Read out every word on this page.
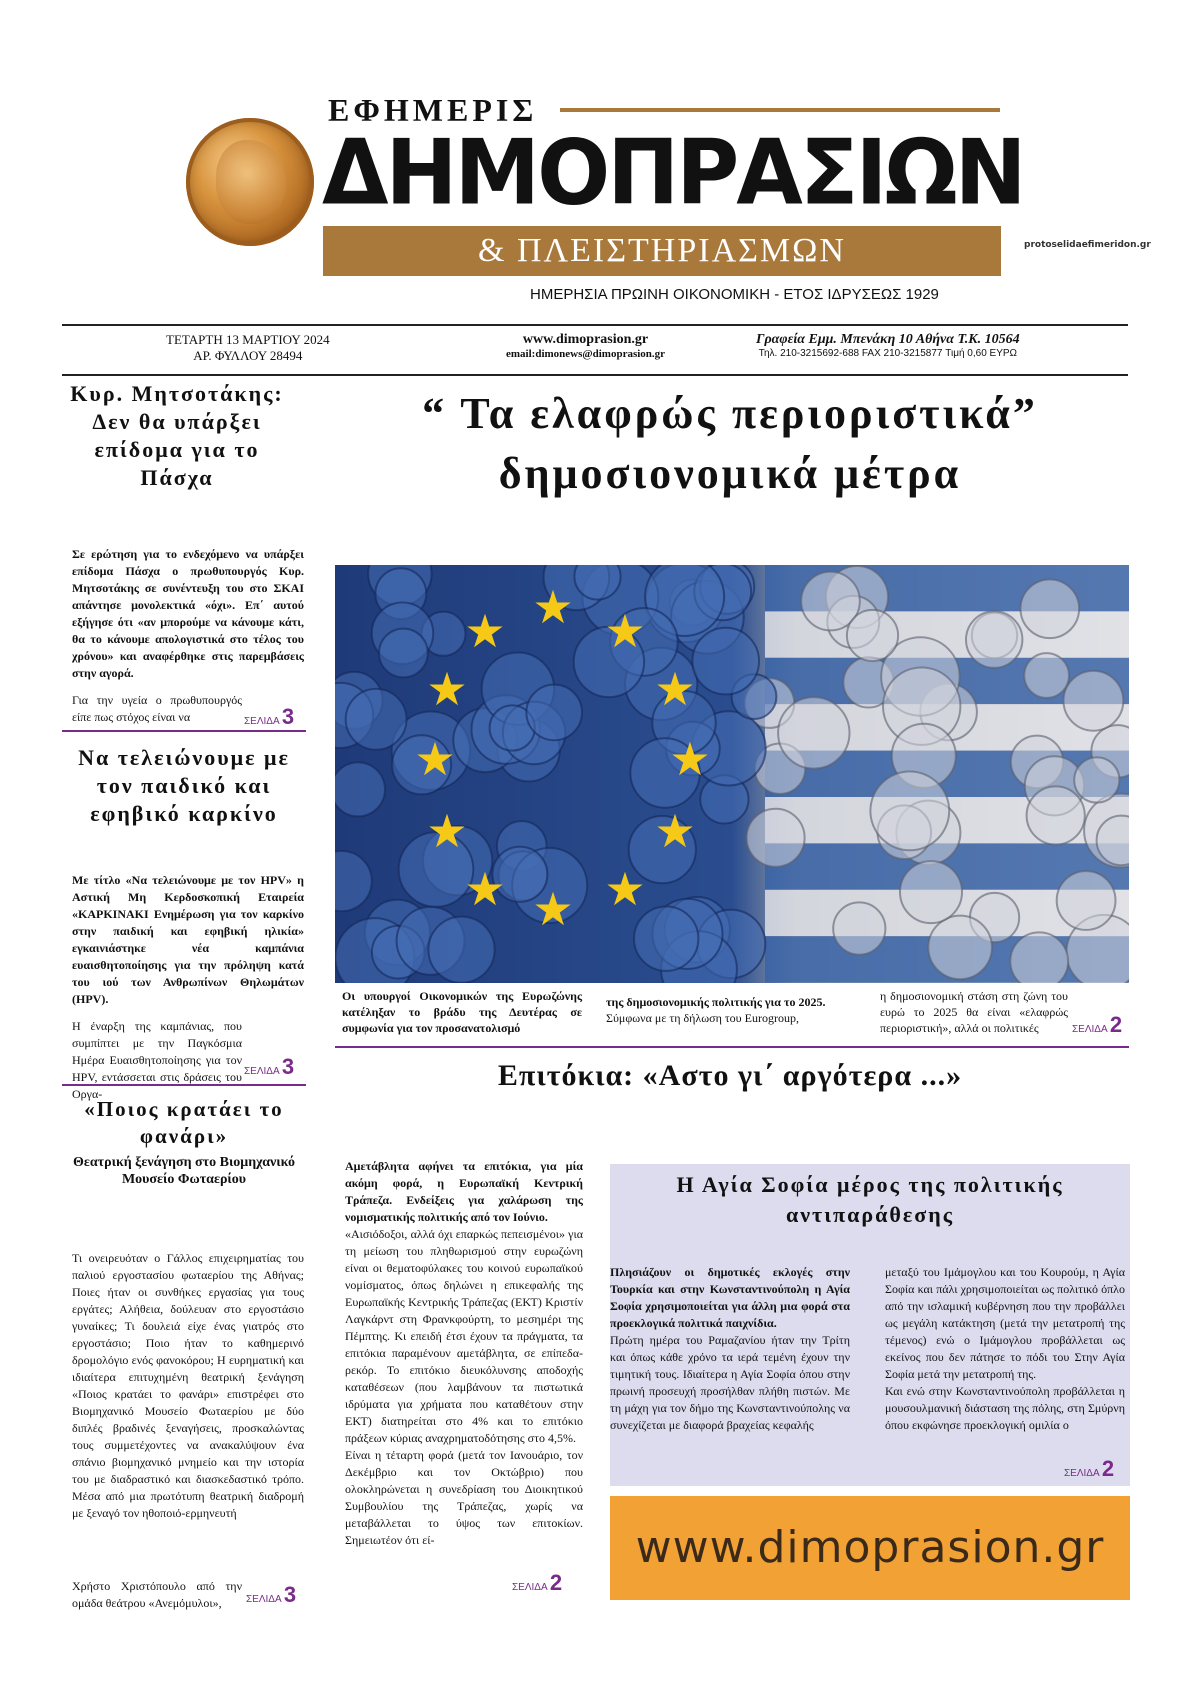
ΕΦΗΜΕΡΙΣ
ΔΗΜΟΠΡΑΣΙΩΝ
& ΠΛΕΙΣΤΗΡΙΑΣΜΩΝ
ΗΜΕΡΗΣΙΑ ΠΡΩΙΝΗ ΟΙΚΟΝΟΜΙΚΗ - ΕΤΟΣ ΙΔΡΥΣΕΩΣ 1929
protoselidaefimeridon.gr
ΤΕΤΑΡΤΗ 13 ΜΑΡΤΙΟΥ 2024
ΑΡ. ΦΥΛΛΟΥ 28494
www.dimoprasion.gr
email:dimonews@dimoprasion.gr
Γραφεία Εμμ. Μπενάκη 10 Αθήνα Τ.Κ. 10564
Τηλ. 210-3215692-688 FAX 210-3215877 Τιμή 0,60 ΕΥΡΩ
Κυρ. Μητσοτάκης: Δεν θα υπάρξει επίδομα για το Πάσχα
Σε ερώτηση για το ενδεχόμενο να υπάρξει επίδομα Πάσχα ο πρωθυπουργός Κυρ. Μητσοτάκης σε συνέντευξη του στο ΣΚΑΙ απάντησε μονολεκτικά «όχι». Επ΄ αυτού εξήγησε ότι «αν μπορούμε να κάνουμε κάτι, θα το κάνουμε απολογιστικά στο τέλος του χρόνου» και αναφέρθηκε στις παρεμβάσεις στην αγορά.
Για την υγεία ο πρωθυπουργός είπε πως στόχος είναι να	ΣΕΛΙΔΑ 3
Να τελειώνουμε με τον παιδικό και εφηβικό καρκίνο
Με τίτλο «Να τελειώνουμε με τον HPV» η Αστική Μη Κερδοσκοπική Εταιρεία «ΚΑΡΚΙΝΑΚΙ Ενημέρωση για τον καρκίνο στην παιδική και εφηβική ηλικία» εγκαινιάστηκε νέα καμπάνια ευαισθητοποίησης για την πρόληψη κατά του ιού των Ανθρωπίνων Θηλωμάτων (HPV).
Η έναρξη της καμπάνιας, που συμπίπτει με την Παγκόσμια Ημέρα Ευαισθητοποίησης για τον HPV, εντάσσεται στις δράσεις του Οργα-
ΣΕΛΙΔΑ 3
«Ποιος κρατάει το φανάρι»
Θεατρική ξενάγηση στο Βιομηχανικό Μουσείο Φωταερίου
Τι ονειρευόταν ο Γάλλος επιχειρηματίας του παλιού εργοστασίου φωταερίου της Αθήνας; Ποιες ήταν οι συνθήκες εργασίας για τους εργάτες; Αλήθεια, δούλευαν στο εργοστάσιο γυναίκες; Τι δουλειά είχε ένας γιατρός στο εργοστάσιο; Ποιο ήταν το καθημερινό δρομολόγιο ενός φανοκόρου; Η ευρηματική και ιδιαίτερα επιτυχημένη θεατρική ξενάγηση «Ποιος κρατάει το φανάρι» επιστρέφει στο Βιομηχανικό Μουσείο Φωταερίου με δύο διπλές βραδινές ξεναγήσεις, προσκαλώντας τους συμμετέχοντες να ανακαλύψουν ένα σπάνιο βιομηχανικό μνημείο και την ιστορία του με διαδραστικό και διασκεδαστικό τρόπο. Μέσα από μια πρωτότυπη θεατρική διαδρομή με ξεναγό τον ηθοποιό-ερμηνευτή
Χρήστο Χριστόπουλο από την ομάδα θεάτρου «Ανεμόμυλοι»,	ΣΕΛΙΔΑ 3
“ Τα ελαφρώς περιοριστικά” δημοσιονομικά μέτρα
★
★ ★
★	★
★	★
★	★
★ ★
★
Οι υπουργοί Οικονομικών της Ευρωζώνης κατέληξαν το βράδυ της Δευτέρας σε συμφωνία για τον προσανατολισμό
της δημοσιονομικής πολιτικής για το 2025.
Σύμφωνα με τη δήλωση του Eurogroup,
η δημοσιονομική στάση στη ζώνη του ευρώ το 2025 θα είναι «ελαφρώς περιοριστική», αλλά οι πολιτικές	ΣΕΛΙΔΑ 2
Επιτόκια: «Αστο γι΄ αργότερα ...»
Αμετάβλητα αφήνει τα επιτόκια, για μία ακόμη φορά, η Ευρωπαϊκή Κεντρική Τράπεζα. Ενδείξεις για χαλάρωση της νομισματικής πολιτικής από τον Ιούνιο.
«Αισιόδοξοι, αλλά όχι επαρκώς πεπεισμένοι» για τη μείωση του πληθωρισμού στην ευρωζώνη είναι οι θεματοφύλακες του κοινού ευρωπαϊκού νομίσματος, όπως δηλώνει η επικεφαλής της Ευρωπαϊκής Κεντρικής Τράπεζας (ΕΚΤ) Κριστίν Λαγκάρντ στη Φρανκφούρτη, το μεσημέρι της Πέμπτης. Κι επειδή έτσι έχουν τα πράγματα, τα επιτόκια παραμένουν αμετάβλητα, σε επίπεδα-ρεκόρ. Το επιτόκιο διευκόλυνσης αποδοχής καταθέσεων (που λαμβάνουν τα πιστωτικά ιδρύματα για χρήματα που καταθέτουν στην ΕΚΤ) διατηρείται στο 4% και το επιτόκιο πράξεων κύριας αναχρηματοδότησης στο 4,5%.
Είναι η τέταρτη φορά (μετά τον Ιανουάριο, τον Δεκέμβριο και τον Οκτώβριο) που ολοκληρώνεται η συνεδρίαση του Διοικητικού Συμβουλίου της Τράπεζας, χωρίς να μεταβάλλεται το ύψος των επιτοκίων. Σημειωτέον ότι εί-
ΣΕΛΙΔΑ 2
Η Αγία Σοφία μέρος της πολιτικής αντιπαράθεσης
Πλησιάζουν οι δημοτικές εκλογές στην Τουρκία και στην Κωνσταντινούπολη η Αγία Σοφία χρησιμοποιείται για άλλη μια φορά στα προεκλογικά πολιτικά παιχνίδια.
Πρώτη ημέρα του Ραμαζανίου ήταν την Τρίτη και όπως κάθε χρόνο τα ιερά τεμένη έχουν την τιμητική τους. Ιδιαίτερα η Αγία Σοφία όπου στην πρωινή προσευχή προσήλθαν πλήθη πιστών. Με τη μάχη για τον δήμο της Κωνσταντινούπολης να συνεχίζεται με διαφορά βραχείας κεφαλής
μεταξύ του Ιμάμογλου και του Κουρούμ, η Αγία Σοφία και πάλι χρησιμοποιείται ως πολιτικό όπλο από την ισλαμική κυβέρνηση που την προβάλλει ως μεγάλη κατάκτηση (μετά την μετατροπή της τέμενος) ενώ ο Ιμάμογλου προβάλλεται ως εκείνος που δεν πάτησε το πόδι του Στην Αγία Σοφία μετά την μετατροπή της.
Και ενώ στην Κωνσταντινούπολη προβάλλεται η μουσουλμανική διάσταση της πόλης, στη Σμύρνη όπου εκφώνησε προεκλογική ομιλία ο
ΣΕΛΙΔΑ 2
www.dimoprasion.gr
